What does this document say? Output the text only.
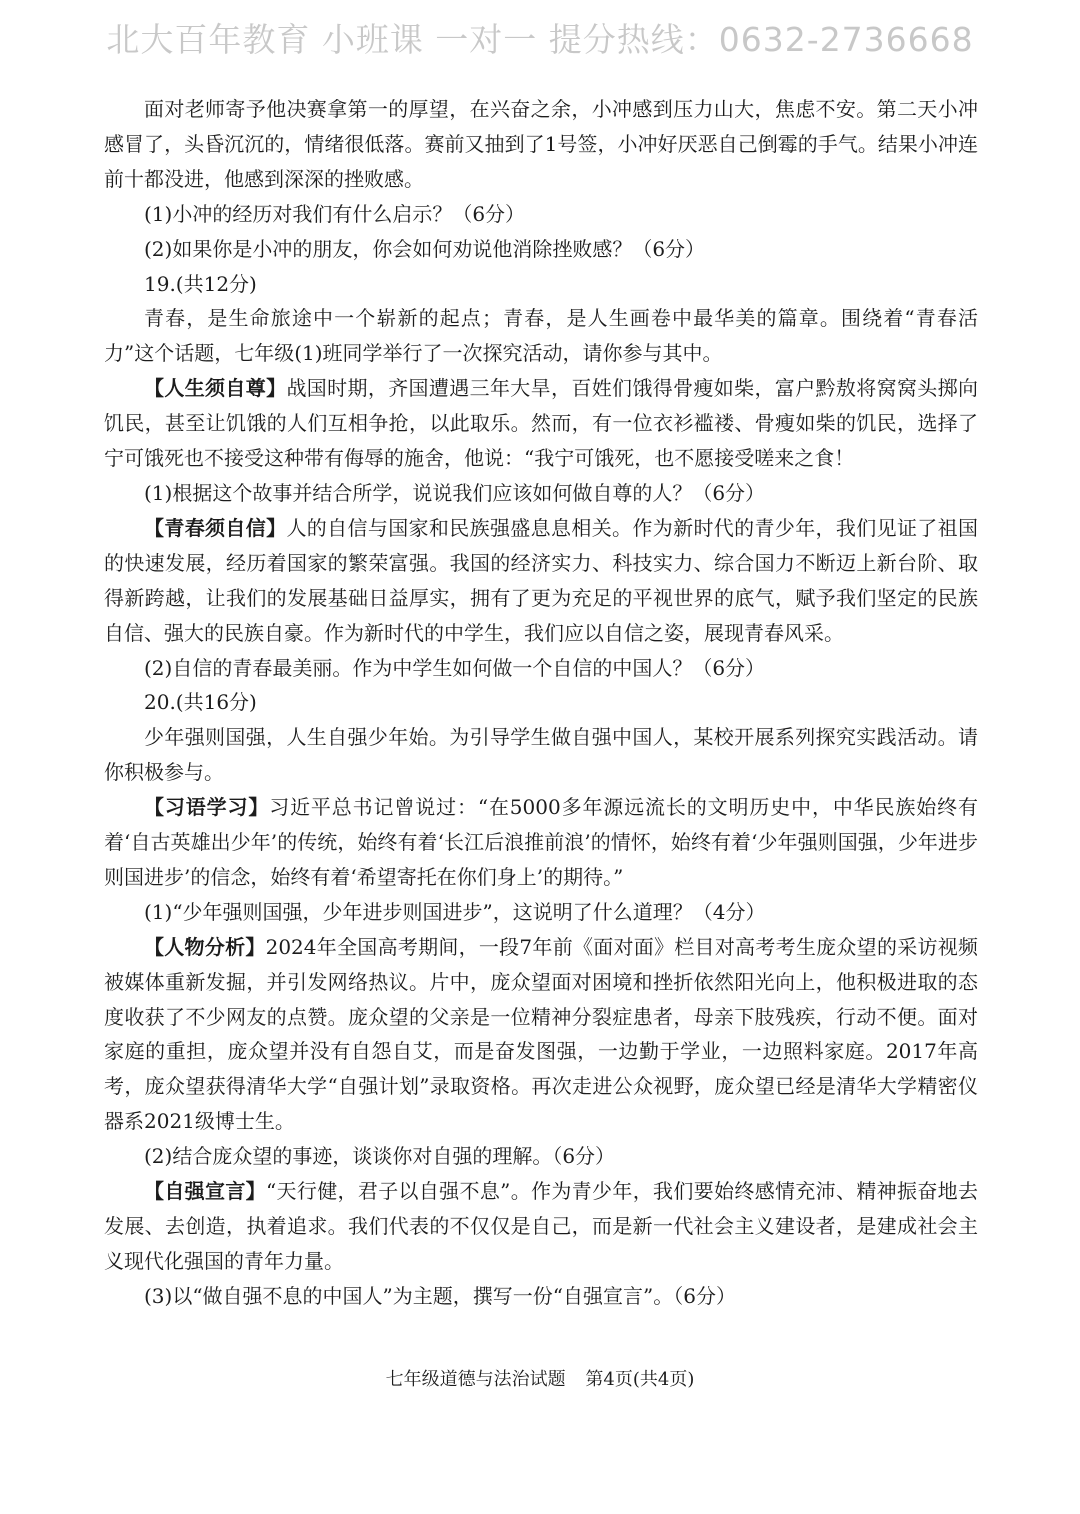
北大百年教育 小班课 一对一 提分热线：0632-2736668

面对老师寄予他决赛拿第一的厚望，在兴奋之余，小冲感到压力山大，焦虑不安。第二天小冲感冒了，头昏沉沉的，情绪很低落。赛前又抽到了1号签，小冲好厌恶自己倒霉的手气。结果小冲连前十都没进，他感到深深的挫败感。

(1)小冲的经历对我们有什么启示？（6分）

(2)如果你是小冲的朋友，你会如何劝说他消除挫败感？（6分）

19.(共12分)

青春，是生命旅途中一个崭新的起点；青春，是人生画卷中最华美的篇章。围绕着“青春活力”这个话题，七年级(1)班同学举行了一次探究活动，请你参与其中。

【人生须自尊】战国时期，齐国遭遇三年大旱，百姓们饿得骨瘦如柴，富户黔敖将窝窝头掷向饥民，甚至让饥饿的人们互相争抢，以此取乐。然而，有一位衣衫褴褛、骨瘦如柴的饥民，选择了宁可饿死也不接受这种带有侮辱的施舍，他说：“我宁可饿死，也不愿接受嗟来之食！

(1)根据这个故事并结合所学，说说我们应该如何做自尊的人？（6分）

【青春须自信】人的自信与国家和民族强盛息息相关。作为新时代的青少年，我们见证了祖国的快速发展，经历着国家的繁荣富强。我国的经济实力、科技实力、综合国力不断迈上新台阶、取得新跨越，让我们的发展基础日益厚实，拥有了更为充足的平视世界的底气，赋予我们坚定的民族自信、强大的民族自豪。作为新时代的中学生，我们应以自信之姿，展现青春风采。

(2)自信的青春最美丽。作为中学生如何做一个自信的中国人？（6分）

20.(共16分)

少年强则国强，人生自强少年始。为引导学生做自强中国人，某校开展系列探究实践活动。请你积极参与。

【习语学习】习近平总书记曾说过：“在5000多年源远流长的文明历史中，中华民族始终有着‘自古英雄出少年’的传统，始终有着‘长江后浪推前浪’的情怀，始终有着‘少年强则国强，少年进步则国进步’的信念，始终有着‘希望寄托在你们身上’的期待。”

(1)“少年强则国强，少年进步则国进步”，这说明了什么道理？（4分）

【人物分析】2024年全国高考期间，一段7年前《面对面》栏目对高考考生庞众望的采访视频被媒体重新发掘，并引发网络热议。片中，庞众望面对困境和挫折依然阳光向上，他积极进取的态度收获了不少网友的点赞。庞众望的父亲是一位精神分裂症患者，母亲下肢残疾，行动不便。面对家庭的重担，庞众望并没有自怨自艾，而是奋发图强，一边勤于学业，一边照料家庭。2017年高考，庞众望获得清华大学“自强计划”录取资格。再次走进公众视野，庞众望已经是清华大学精密仪器系2021级博士生。

(2)结合庞众望的事迹，谈谈你对自强的理解。（6分）

【自强宣言】“天行健，君子以自强不息”。作为青少年，我们要始终感情充沛、精神振奋地去发展、去创造，执着追求。我们代表的不仅仅是自己，而是新一代社会主义建设者，是建成社会主义现代化强国的青年力量。

(3)以“做自强不息的中国人”为主题，撰写一份“自强宣言”。（6分）

七年级道德与法治试题 第4页(共4页)
